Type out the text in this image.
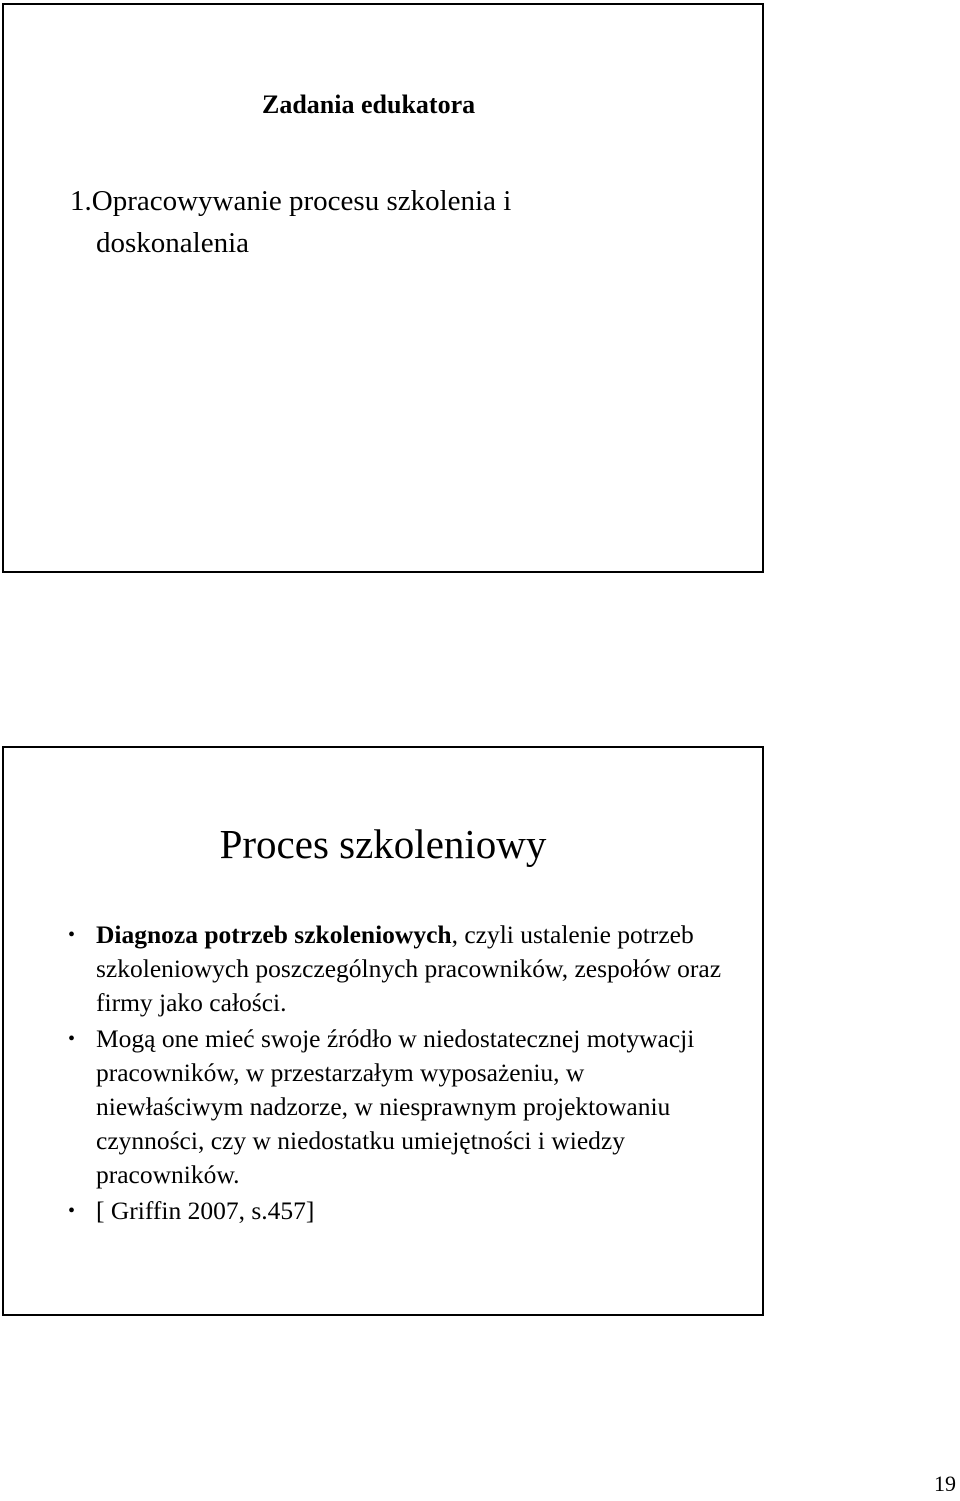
Zadania edukatora
1.Opracowywanie procesu szkolenia i
doskonalenia
Proces szkoleniowy
• Diagnoza potrzeb szkoleniowych, czyli ustalenie potrzeb szkoleniowych poszczególnych pracowników, zespołów oraz firmy jako całości.
• Mogą one mieć swoje źródło w niedostatecznej motywacji pracowników, w przestarzałym wyposażeniu, w niewłaściwym nadzorze, w niesprawnym projektowaniu czynności, czy w niedostatku umiejętności i wiedzy pracowników.
• [ Griffin 2007, s.457]
19
